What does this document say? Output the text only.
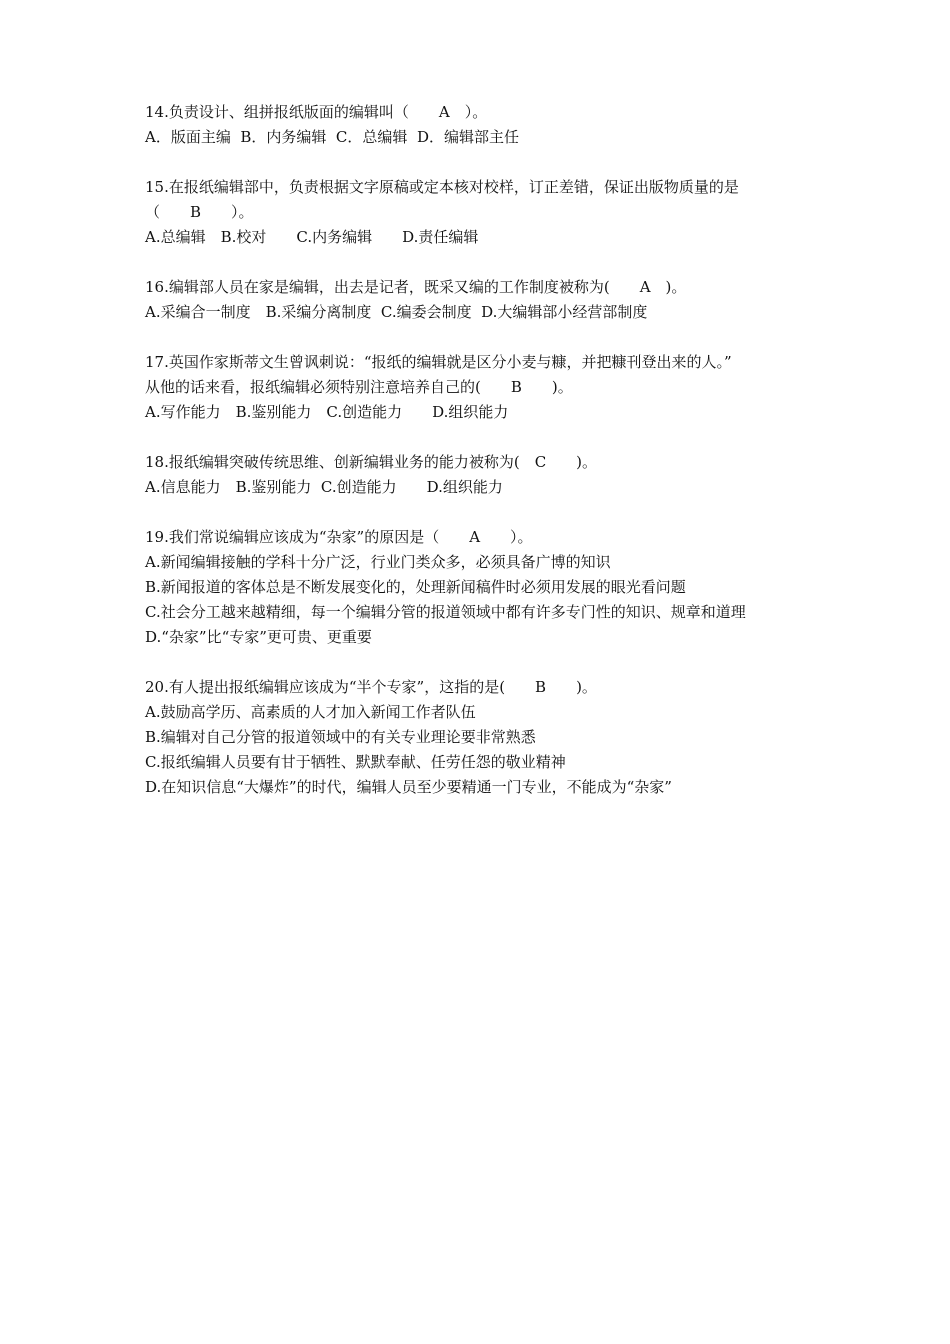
14.负责设计、组拼报纸版面的编辑叫（　　A　）。

A．版面主编  B．内务编辑  C．总编辑  D．编辑部主任

15.在报纸编辑部中，负责根据文字原稿或定本核对校样，订正差错，保证出版物质量的是

（　　B　　）。

A.总编辑　B.校对　　C.内务编辑　　D.责任编辑

16.编辑部人员在家是编辑，出去是记者，既采又编的工作制度被称为(　　A　)。

A.采编合一制度　B.采编分离制度  C.编委会制度  D.大编辑部小经营部制度

17.英国作家斯蒂文生曾讽刺说：“报纸的编辑就是区分小麦与糠，并把糠刊登出来的人。”

从他的话来看，报纸编辑必须特别注意培养自己的(　　B　　)。

A.写作能力　B.鉴别能力　C.创造能力　　D.组织能力

18.报纸编辑突破传统思维、创新编辑业务的能力被称为(　C　　)。

A.信息能力　B.鉴别能力  C.创造能力　　D.组织能力

19.我们常说编辑应该成为“杂家”的原因是（　　A　　）。

A.新闻编辑接触的学科十分广泛，行业门类众多，必须具备广博的知识

B.新闻报道的客体总是不断发展变化的，处理新闻稿件时必须用发展的眼光看问题

C.社会分工越来越精细，每一个编辑分管的报道领域中都有许多专门性的知识、规章和道理

D.“杂家”比“专家”更可贵、更重要

20.有人提出报纸编辑应该成为“半个专家”，这指的是(　　B　　)。

A.鼓励高学历、高素质的人才加入新闻工作者队伍

B.编辑对自己分管的报道领域中的有关专业理论要非常熟悉

C.报纸编辑人员要有甘于牺牲、默默奉献、任劳任怨的敬业精神

D.在知识信息“大爆炸”的时代，编辑人员至少要精通一门专业，不能成为“杂家”
